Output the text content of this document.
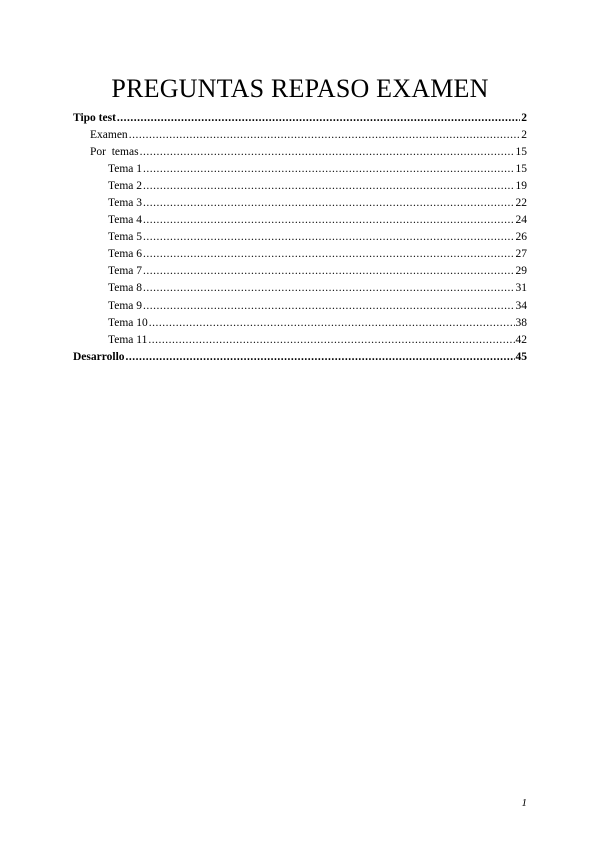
PREGUNTAS REPASO EXAMEN
Tipo test .....	2
Examen .....	2
Por  temas .....	15
Tema 1 .....	15
Tema 2 .....	19
Tema 3 .....	22
Tema 4 .....	24
Tema 5 .....	26
Tema 6 .....	27
Tema 7 .....	29
Tema 8 .....	31
Tema 9 .....	34
Tema 10 .....	38
Tema 11 .....	42
Desarrollo .....	45
1
